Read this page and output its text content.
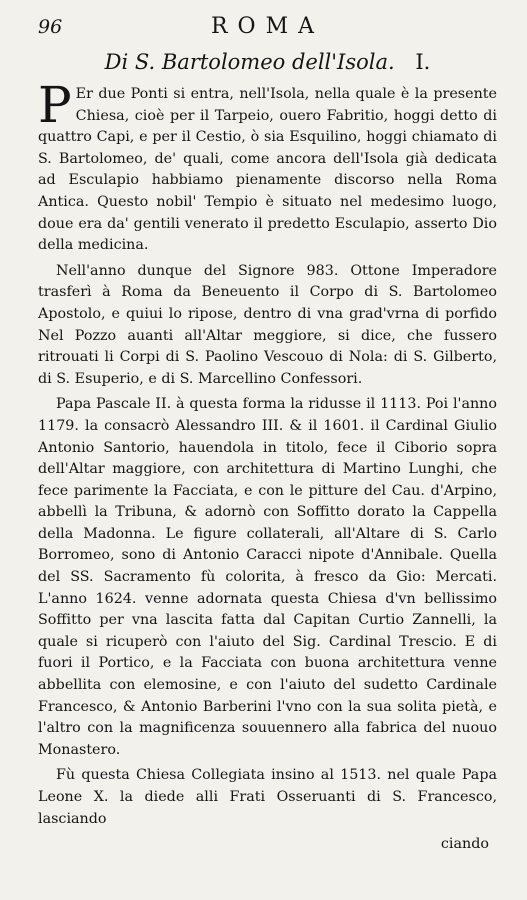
96	ROMA
Di S. Bartolomeo dell'Isola. I.

P Er due Ponti si entra, nell'Isola, nella quale è la presente Chiesa, cioè per il Tarpeio, ouero Fabritio, hoggi detto di quattro Capi, e per il Cestio, ò sia Esquilino, hoggi chiamato di S. Bartolomeo, de' quali, come ancora dell'Isola già dedicata ad Esculapio habbiamo pienamente discorso nella Roma Antica. Questo nobil' Tempio è situato nel medesimo luogo, doue era da' gentili venerato il predetto Esculapio, asserto Dio della medicina.

Nell'anno dunque del Signore 983. Ottone Imperadore trasferì à Roma da Beneuento il Corpo di S. Bartolomeo Apostolo, e quiui lo ripose, dentro di vna grad'vrna di porfido Nel Pozzo auanti all'Altar meggiore, si dice, che fussero ritrouati li Corpi di S. Paolino Vescouo di Nola: di S. Gilberto, di S. Esuperio, e di S. Marcellino Confessori.

Papa Pascale II. à questa forma la ridusse il 1113. Poi l'anno 1179. la consacrò Alessandro III. & il 1601. il Cardinal Giulio Antonio Santorio, hauendola in titolo, fece il Ciborio sopra dell'Altar maggiore, con architettura di Martino Lunghi, che fece parimente la Facciata, e con le pitture del Cau. d'Arpino, abbellì la Tribuna, & adornò con Soffitto dorato la Cappella della Madonna. Le figure collaterali, all'Altare di S. Carlo Borromeo, sono di Antonio Caracci nipote d'Annibale. Quella del SS. Sacramento fù colorita, à fresco da Gio: Mercati. L'anno 1624. venne adornata questa Chiesa d'vn bellissimo Soffitto per vna lascita fatta dal Capitan Curtio Zannelli, la quale si ricuperò con l'aiuto del Sig. Cardinal Trescio. E di fuori il Portico, e la Facciata con buona architettura venne abbellita con elemosine, e con l'aiuto del sudetto Cardinale Francesco, & Antonio Barberini l'vno con la sua solita pietà, e l'altro con la magnificenza souuennero alla fabrica del nuouo Monastero.

Fù questa Chiesa Collegiata insino al 1513. nel quale Papa Leone X. la diede alli Frati Osseruanti di S. Francesco, lasciando

ciando
